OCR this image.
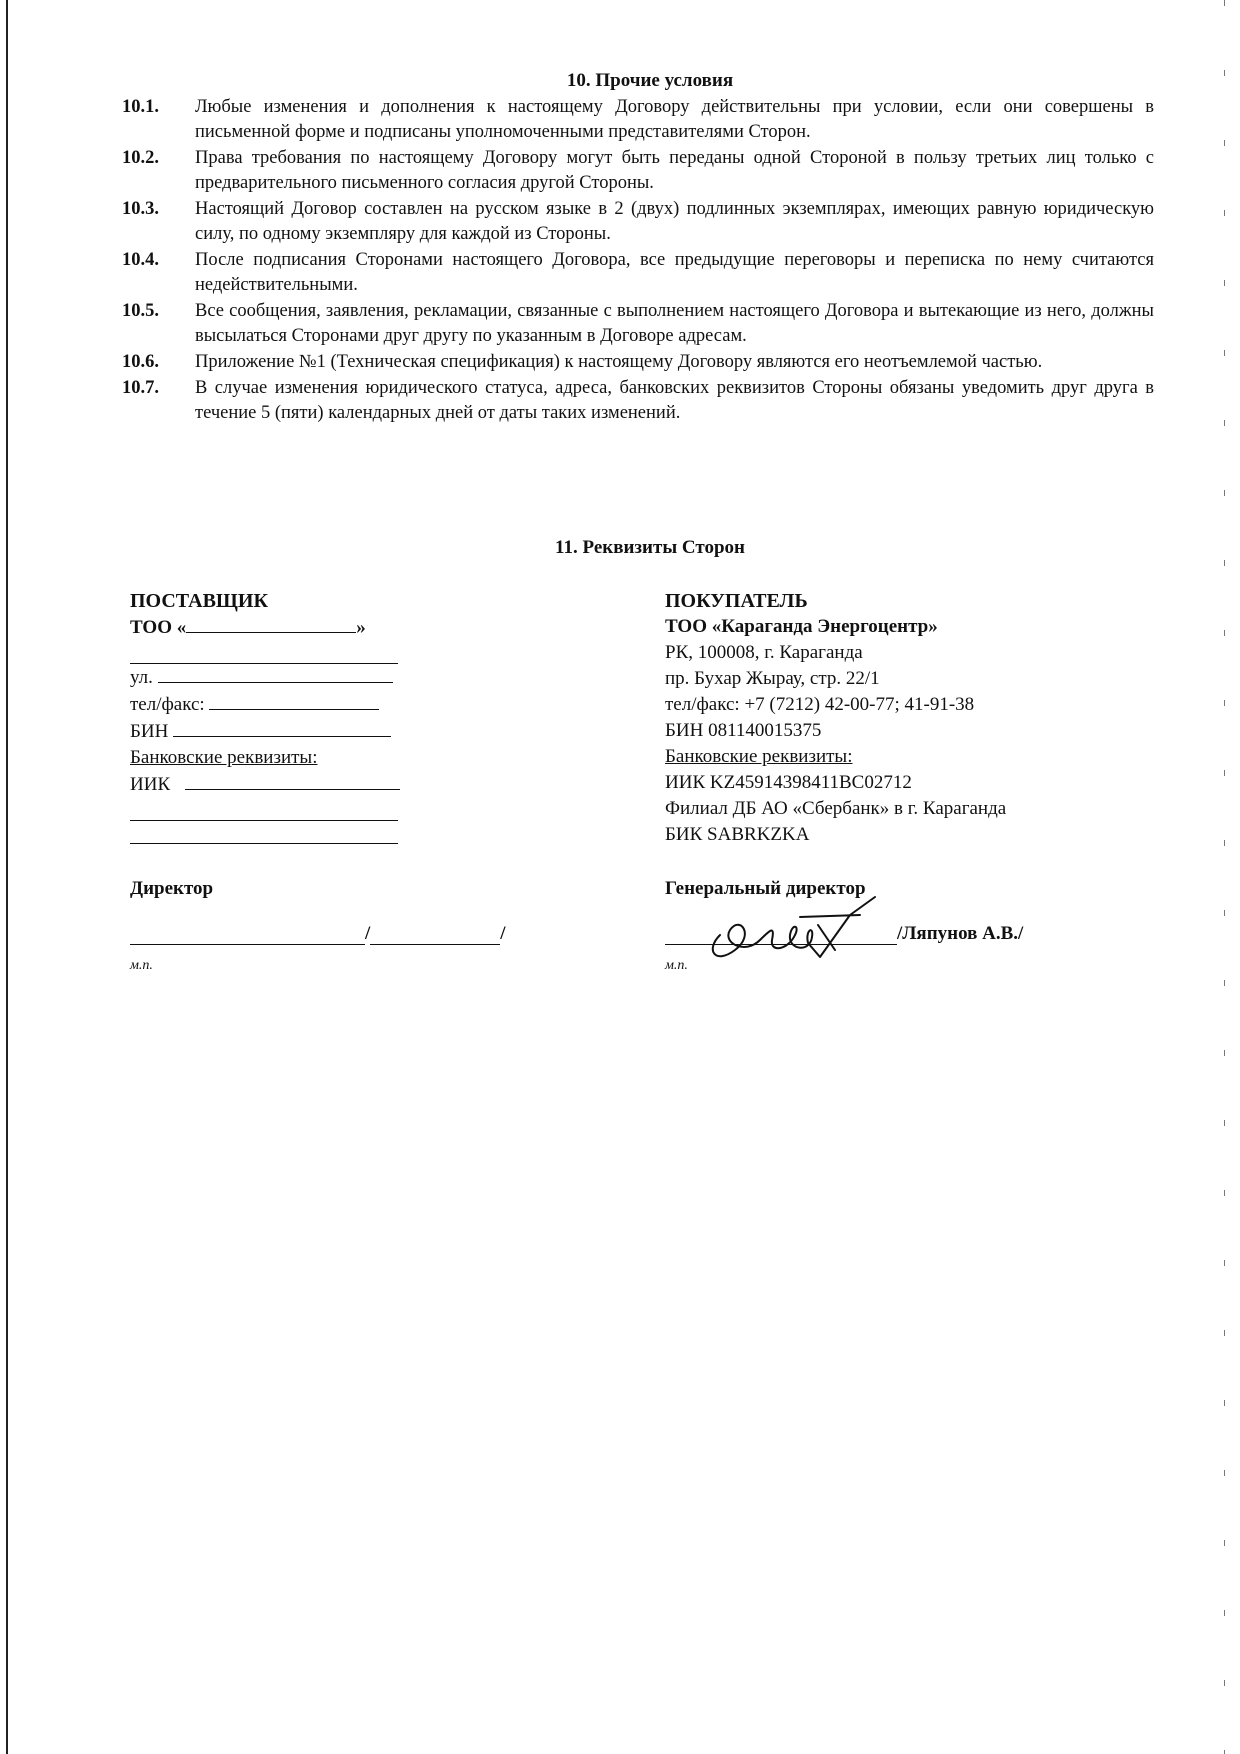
10. Прочие условия
10.1. Любые изменения и дополнения к настоящему Договору действительны при условии, если они совершены в письменной форме и подписаны уполномоченными представителями Сторон.
10.2. Права требования по настоящему Договору могут быть переданы одной Стороной в пользу третьих лиц только с предварительного письменного согласия другой Стороны.
10.3. Настоящий Договор составлен на русском языке в 2 (двух) подлинных экземплярах, имеющих равную юридическую силу, по одному экземпляру для каждой из Стороны.
10.4. После подписания Сторонами настоящего Договора, все предыдущие переговоры и переписка по нему считаются недействительными.
10.5. Все сообщения, заявления, рекламации, связанные с выполнением настоящего Договора и вытекающие из него, должны высылаться Сторонами друг другу по указанным в Договоре адресам.
10.6. Приложение №1 (Техническая спецификация) к настоящему Договору являются его неотъемлемой частью.
10.7. В случае изменения юридического статуса, адреса, банковских реквизитов Стороны обязаны уведомить друг друга в течение 5 (пяти) календарных дней от даты таких изменений.
11. Реквизиты Сторон
ПОСТАВЩИК
ТОО «	»
ул.
тел/факс:
БИН
Банковские реквизиты:
ИИК
ПОКУПАТЕЛЬ
ТОО «Караганда Энергоцентр»
РК, 100008, г. Караганда
пр. Бухар Жырау, стр. 22/1
тел/факс: +7 (7212) 42-00-77; 41-91-38
БИН 081140015375
Банковские реквизиты:
ИИК KZ45914398411BC02712
Филиал ДБ АО «Сбербанк» в г. Караганда
БИК SABRKZKA
Директор	Генеральный директор
/	/	/Ляпунов А.В./
м.п.	м.п.
